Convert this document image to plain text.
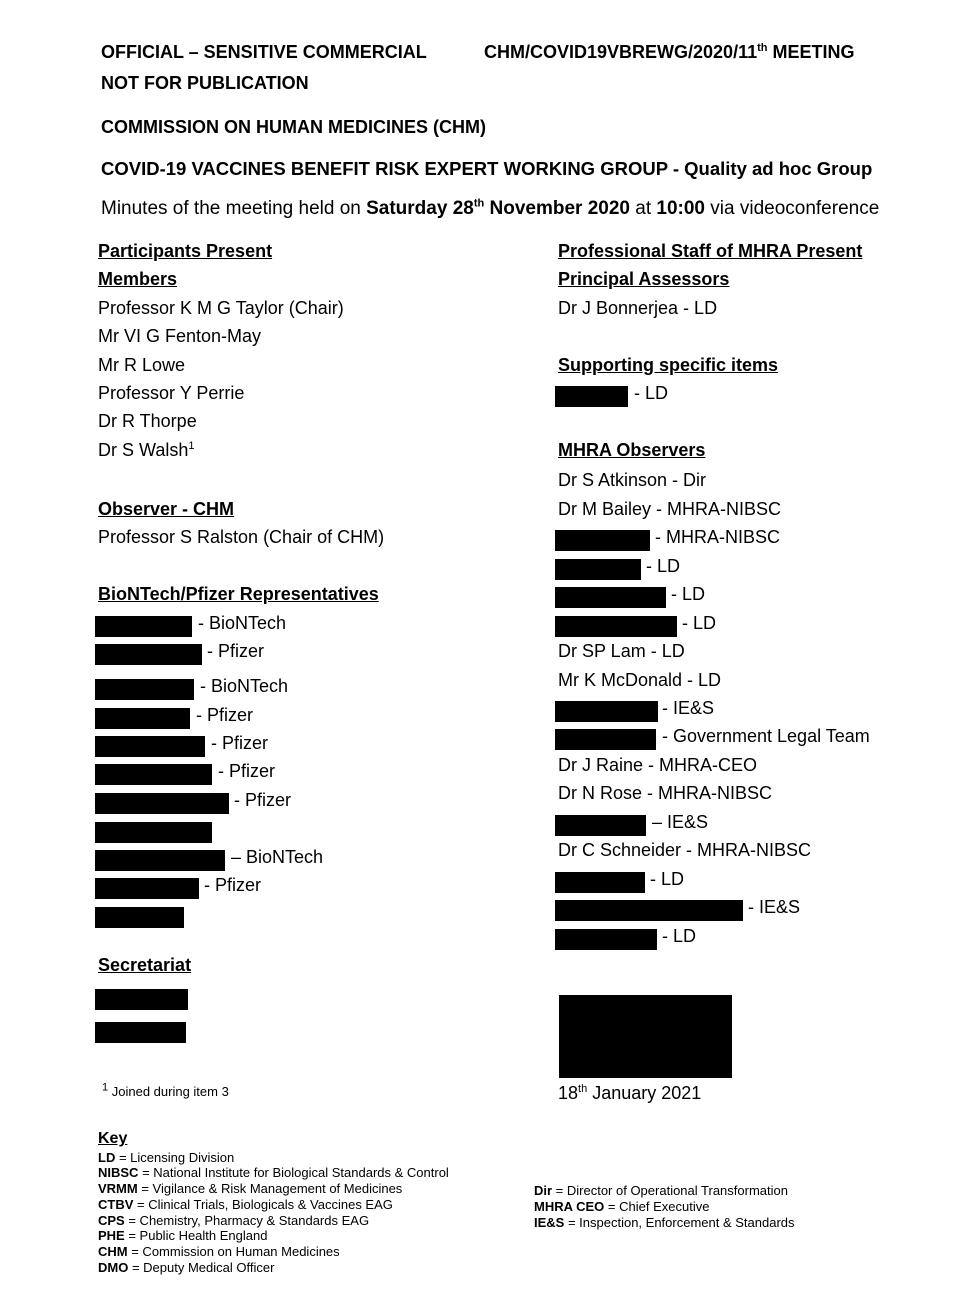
OFFICIAL – SENSITIVE COMMERCIAL	CHM/COVID19VBREWG/2020/11th MEETING
NOT FOR PUBLICATION
COMMISSION ON HUMAN MEDICINES (CHM)
COVID-19 VACCINES BENEFIT RISK EXPERT WORKING GROUP - Quality ad hoc Group
Minutes of the meeting held on Saturday 28th November 2020 at 10:00 via videoconference
Participants Present
Members
Professor K M G Taylor (Chair)
Mr VI G Fenton-May
Mr R Lowe
Professor Y Perrie
Dr R Thorpe
Dr S Walsh$^1$
Observer - CHM
Professor S Ralston (Chair of CHM)
BioNTech/Pfizer Representatives
- BioNTech
- Pfizer
- BioNTech
- Pfizer
- Pfizer
- Pfizer
- Pfizer
– BioNTech
- Pfizer
Secretariat
$^1$ Joined during item 3
Professional Staff of MHRA Present
Principal Assessors
Dr J Bonnerjea - LD
Supporting specific items
- LD
MHRA Observers
Dr S Atkinson - Dir
Dr M Bailey - MHRA-NIBSC
- MHRA-NIBSC
- LD
- LD
- LD
Dr SP Lam - LD
Mr K McDonald - LD
- IE&S
- Government Legal Team
Dr J Raine - MHRA-CEO
Dr N Rose - MHRA-NIBSC
– IE&S
Dr C Schneider - MHRA-NIBSC
- LD
- IE&S
- LD
18th January 2021
Key
LD = Licensing Division
NIBSC = National Institute for Biological Standards & Control
VRMM = Vigilance & Risk Management of Medicines
CTBV = Clinical Trials, Biologicals & Vaccines EAG
CPS = Chemistry, Pharmacy & Standards EAG
PHE = Public Health England
CHM = Commission on Human Medicines
DMO = Deputy Medical Officer
Dir = Director of Operational Transformation
MHRA CEO = Chief Executive
IE&S = Inspection, Enforcement & Standards
